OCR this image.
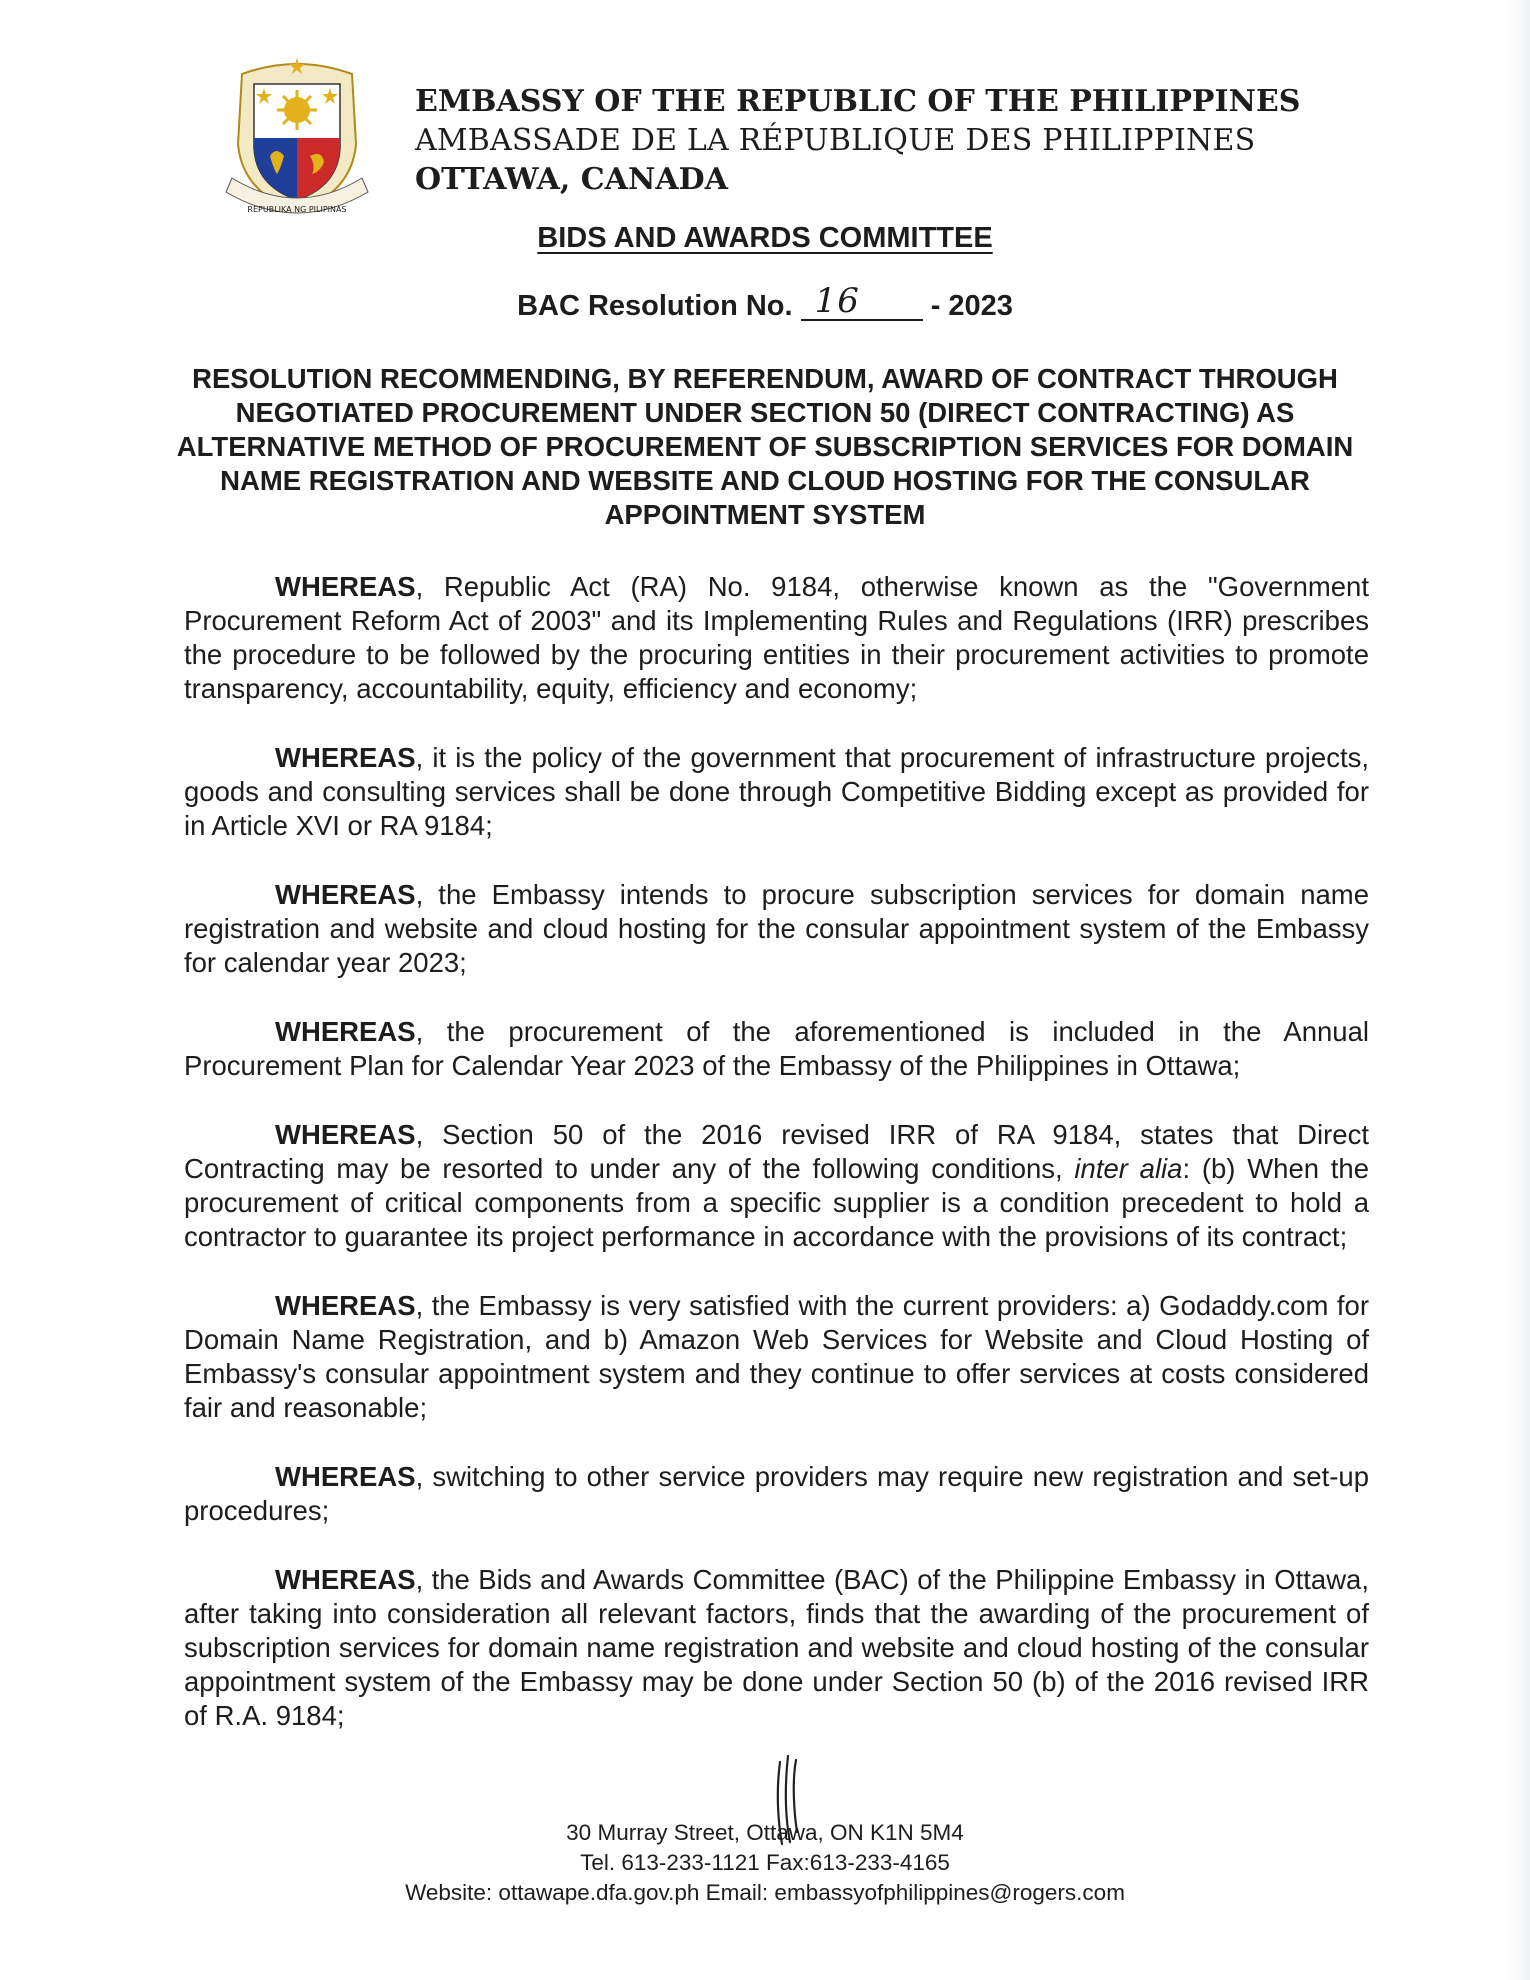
REPUBLIKA NG PILIPINAS
EMBASSY OF THE REPUBLIC OF THE PHILIPPINES
AMBASSADE DE LA RÉPUBLIQUE DES PHILIPPINES
OTTAWA, CANADA
BIDS AND AWARDS COMMITTEE
BAC Resolution No. 16 - 2023
RESOLUTION RECOMMENDING, BY REFERENDUM, AWARD OF CONTRACT THROUGH NEGOTIATED PROCUREMENT UNDER SECTION 50 (DIRECT CONTRACTING) AS ALTERNATIVE METHOD OF PROCUREMENT OF SUBSCRIPTION SERVICES FOR DOMAIN NAME REGISTRATION AND WEBSITE AND CLOUD HOSTING FOR THE CONSULAR APPOINTMENT SYSTEM

WHEREAS, Republic Act (RA) No. 9184, otherwise known as the "Government Procurement Reform Act of 2003" and its Implementing Rules and Regulations (IRR) prescribes the procedure to be followed by the procuring entities in their procurement activities to promote transparency, accountability, equity, efficiency and economy;

WHEREAS, it is the policy of the government that procurement of infrastructure projects, goods and consulting services shall be done through Competitive Bidding except as provided for in Article XVI or RA 9184;

WHEREAS, the Embassy intends to procure subscription services for domain name registration and website and cloud hosting for the consular appointment system of the Embassy for calendar year 2023;

WHEREAS, the procurement of the aforementioned is included in the Annual Procurement Plan for Calendar Year 2023 of the Embassy of the Philippines in Ottawa;

WHEREAS, Section 50 of the 2016 revised IRR of RA 9184, states that Direct Contracting may be resorted to under any of the following conditions, inter alia: (b) When the procurement of critical components from a specific supplier is a condition precedent to hold a contractor to guarantee its project performance in accordance with the provisions of its contract;

WHEREAS, the Embassy is very satisfied with the current providers: a) Godaddy.com for Domain Name Registration, and b) Amazon Web Services for Website and Cloud Hosting of Embassy's consular appointment system and they continue to offer services at costs considered fair and reasonable;

WHEREAS, switching to other service providers may require new registration and set-up procedures;

WHEREAS, the Bids and Awards Committee (BAC) of the Philippine Embassy in Ottawa, after taking into consideration all relevant factors, finds that the awarding of the procurement of subscription services for domain name registration and website and cloud hosting of the consular appointment system of the Embassy may be done under Section 50 (b) of the 2016 revised IRR of R.A. 9184;

30 Murray Street, Ottawa, ON K1N 5M4
Tel. 613-233-1121 Fax:613-233-4165
Website: ottawape.dfa.gov.ph Email: embassyofphilippines@rogers.com
